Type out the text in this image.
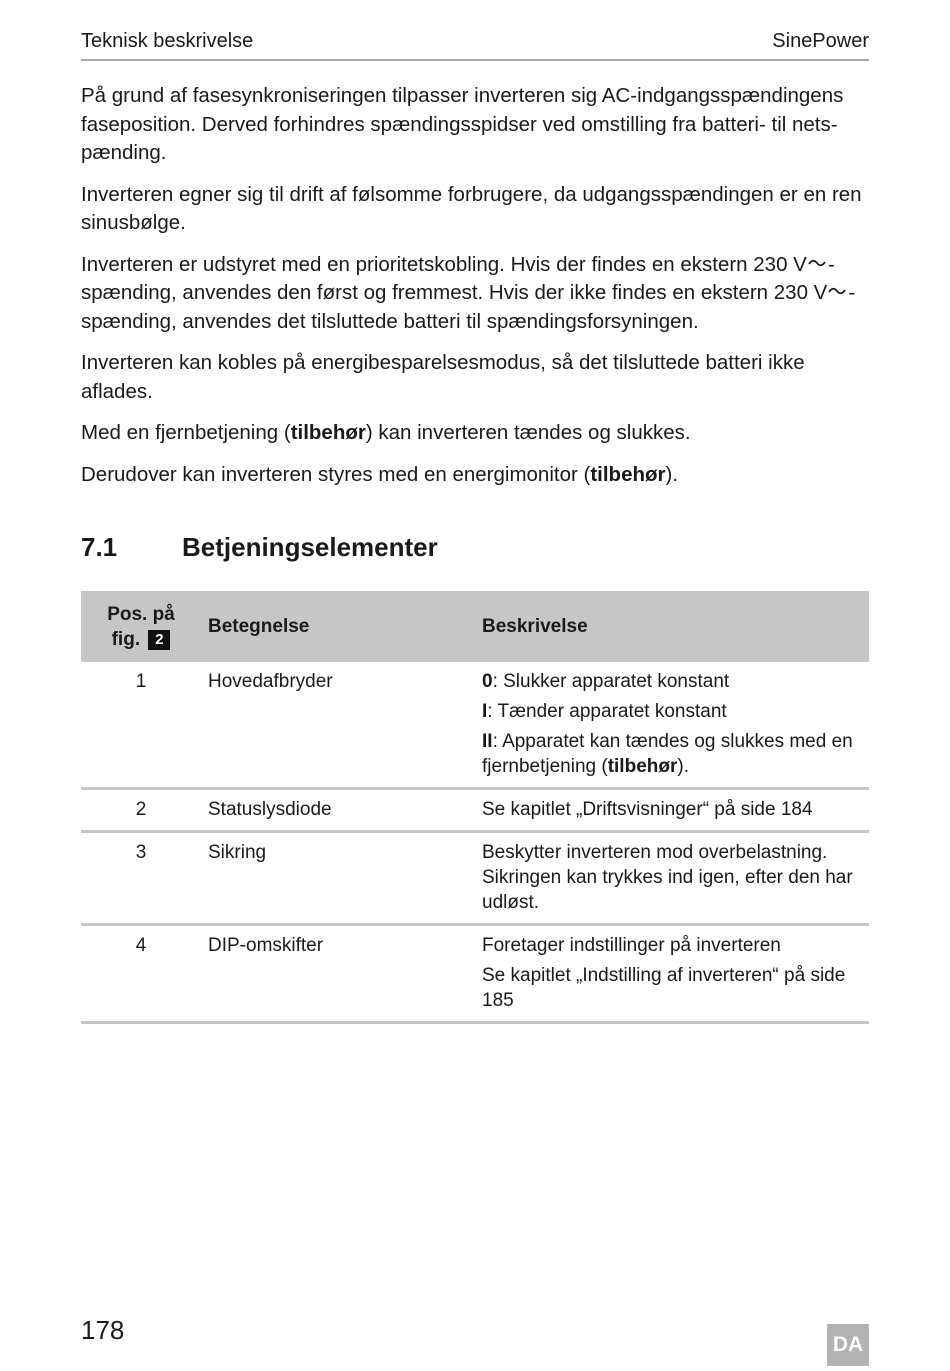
Teknisk beskrivelse	SinePower

På grund af fasesynkroniseringen tilpasser inverteren sig AC-indgangsspændingens faseposition. Derved forhindres spændingsspidser ved omstilling fra batteri- til netspænding.

Inverteren egner sig til drift af følsomme forbrugere, da udgangsspændingen er en ren sinusbølge.

Inverteren er udstyret med en prioritetskobling. Hvis der findes en ekstern 230 V -spænding, anvendes den først og fremmest. Hvis der ikke findes en ekstern 230 V -spænding, anvendes det tilsluttede batteri til spændingsforsyningen.

Inverteren kan kobles på energibesparelsesmodus, så det tilsluttede batteri ikke aflades.

Med en fjernbetjening (tilbehør) kan inverteren tændes og slukkes.

Derudover kan inverteren styres med en energimonitor (tilbehør).

7.1	Betjeningselementer
Pos. på
fig. 2	Betegnelse	Beskrivelse
1	Hovedafbryder	0: Slukker apparatet konstant
I: Tænder apparatet konstant
II: Apparatet kan tændes og slukkes med en fjernbetjening (tilbehør).

2	Statuslysdiode	Se kapitlet „Driftsvisninger“ på side 184

3	Sikring	Beskytter inverteren mod overbelastning. Sikringen kan trykkes ind igen, efter den har udløst.

4	DIP-omskifter	Foretager indstillinger på inverteren
Se kapitlet „Indstilling af inverteren“ på side 185
178	DA
